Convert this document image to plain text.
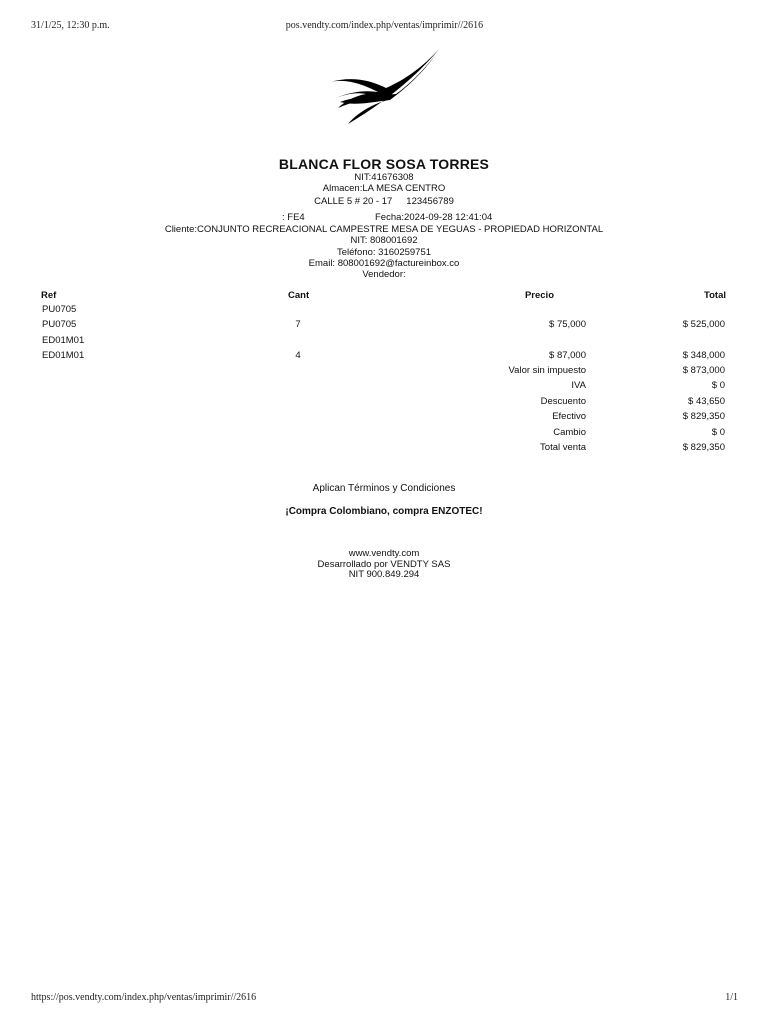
31/1/25, 12:30 p.m.	pos.vendty.com/index.php/ventas/imprimir//2616
BLANCA FLOR SOSA TORRES
NIT:41676308
Almacen:LA MESA CENTRO
CALLE 5 # 20 - 17 123456789
: FE4	Fecha:2024-09-28 12:41:04
Cliente:CONJUNTO RECREACIONAL CAMPESTRE MESA DE YEGUAS - PROPIEDAD HORIZONTAL
NIT: 808001692
Teléfono: 3160259751
Email: 808001692@factureinbox.co
Vendedor:
Ref	Cant	Precio	Total
PU0705
PU0705	7	$ 75,000	$ 525,000
ED01M01
ED01M01	4	$ 87,000	$ 348,000
Valor sin impuesto	$ 873,000
IVA	$ 0
Descuento	$ 43,650
Efectivo	$ 829,350
Cambio	$ 0
Total venta	$ 829,350
Aplican Términos y Condiciones
¡Compra Colombiano, compra ENZOTEC!
www.vendty.com
Desarrollado por VENDTY SAS
NIT 900.849.294
https://pos.vendty.com/index.php/ventas/imprimir//2616	1/1
